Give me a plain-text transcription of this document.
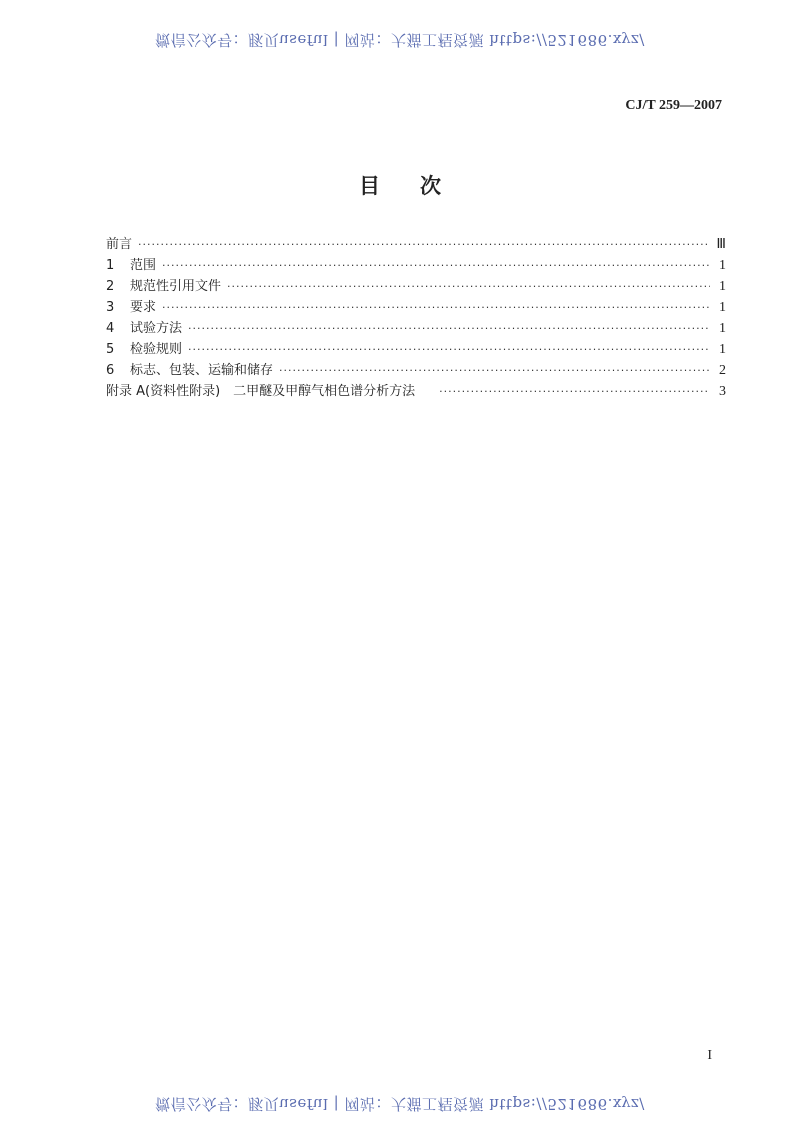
微信公众号：豚贝useful | 网站：大猫工程资源 https://521686.xyz/
CJ/T 259—2007
目次
前言 ·····	Ⅲ
1	范围 ·····	1
2	规范性引用文件 ·····	1
3	要求 ·····	1
4	试验方法 ·····	1
5	检验规则 ·····	1
6	标志、包装、运输和储存 ·····	2
附录 A(资料性附录)　二甲醚及甲醇气相色谱分析方法 ·····	3
I
微信公众号：豚贝useful | 网站：大猫工程资源 https://521686.xyz/
